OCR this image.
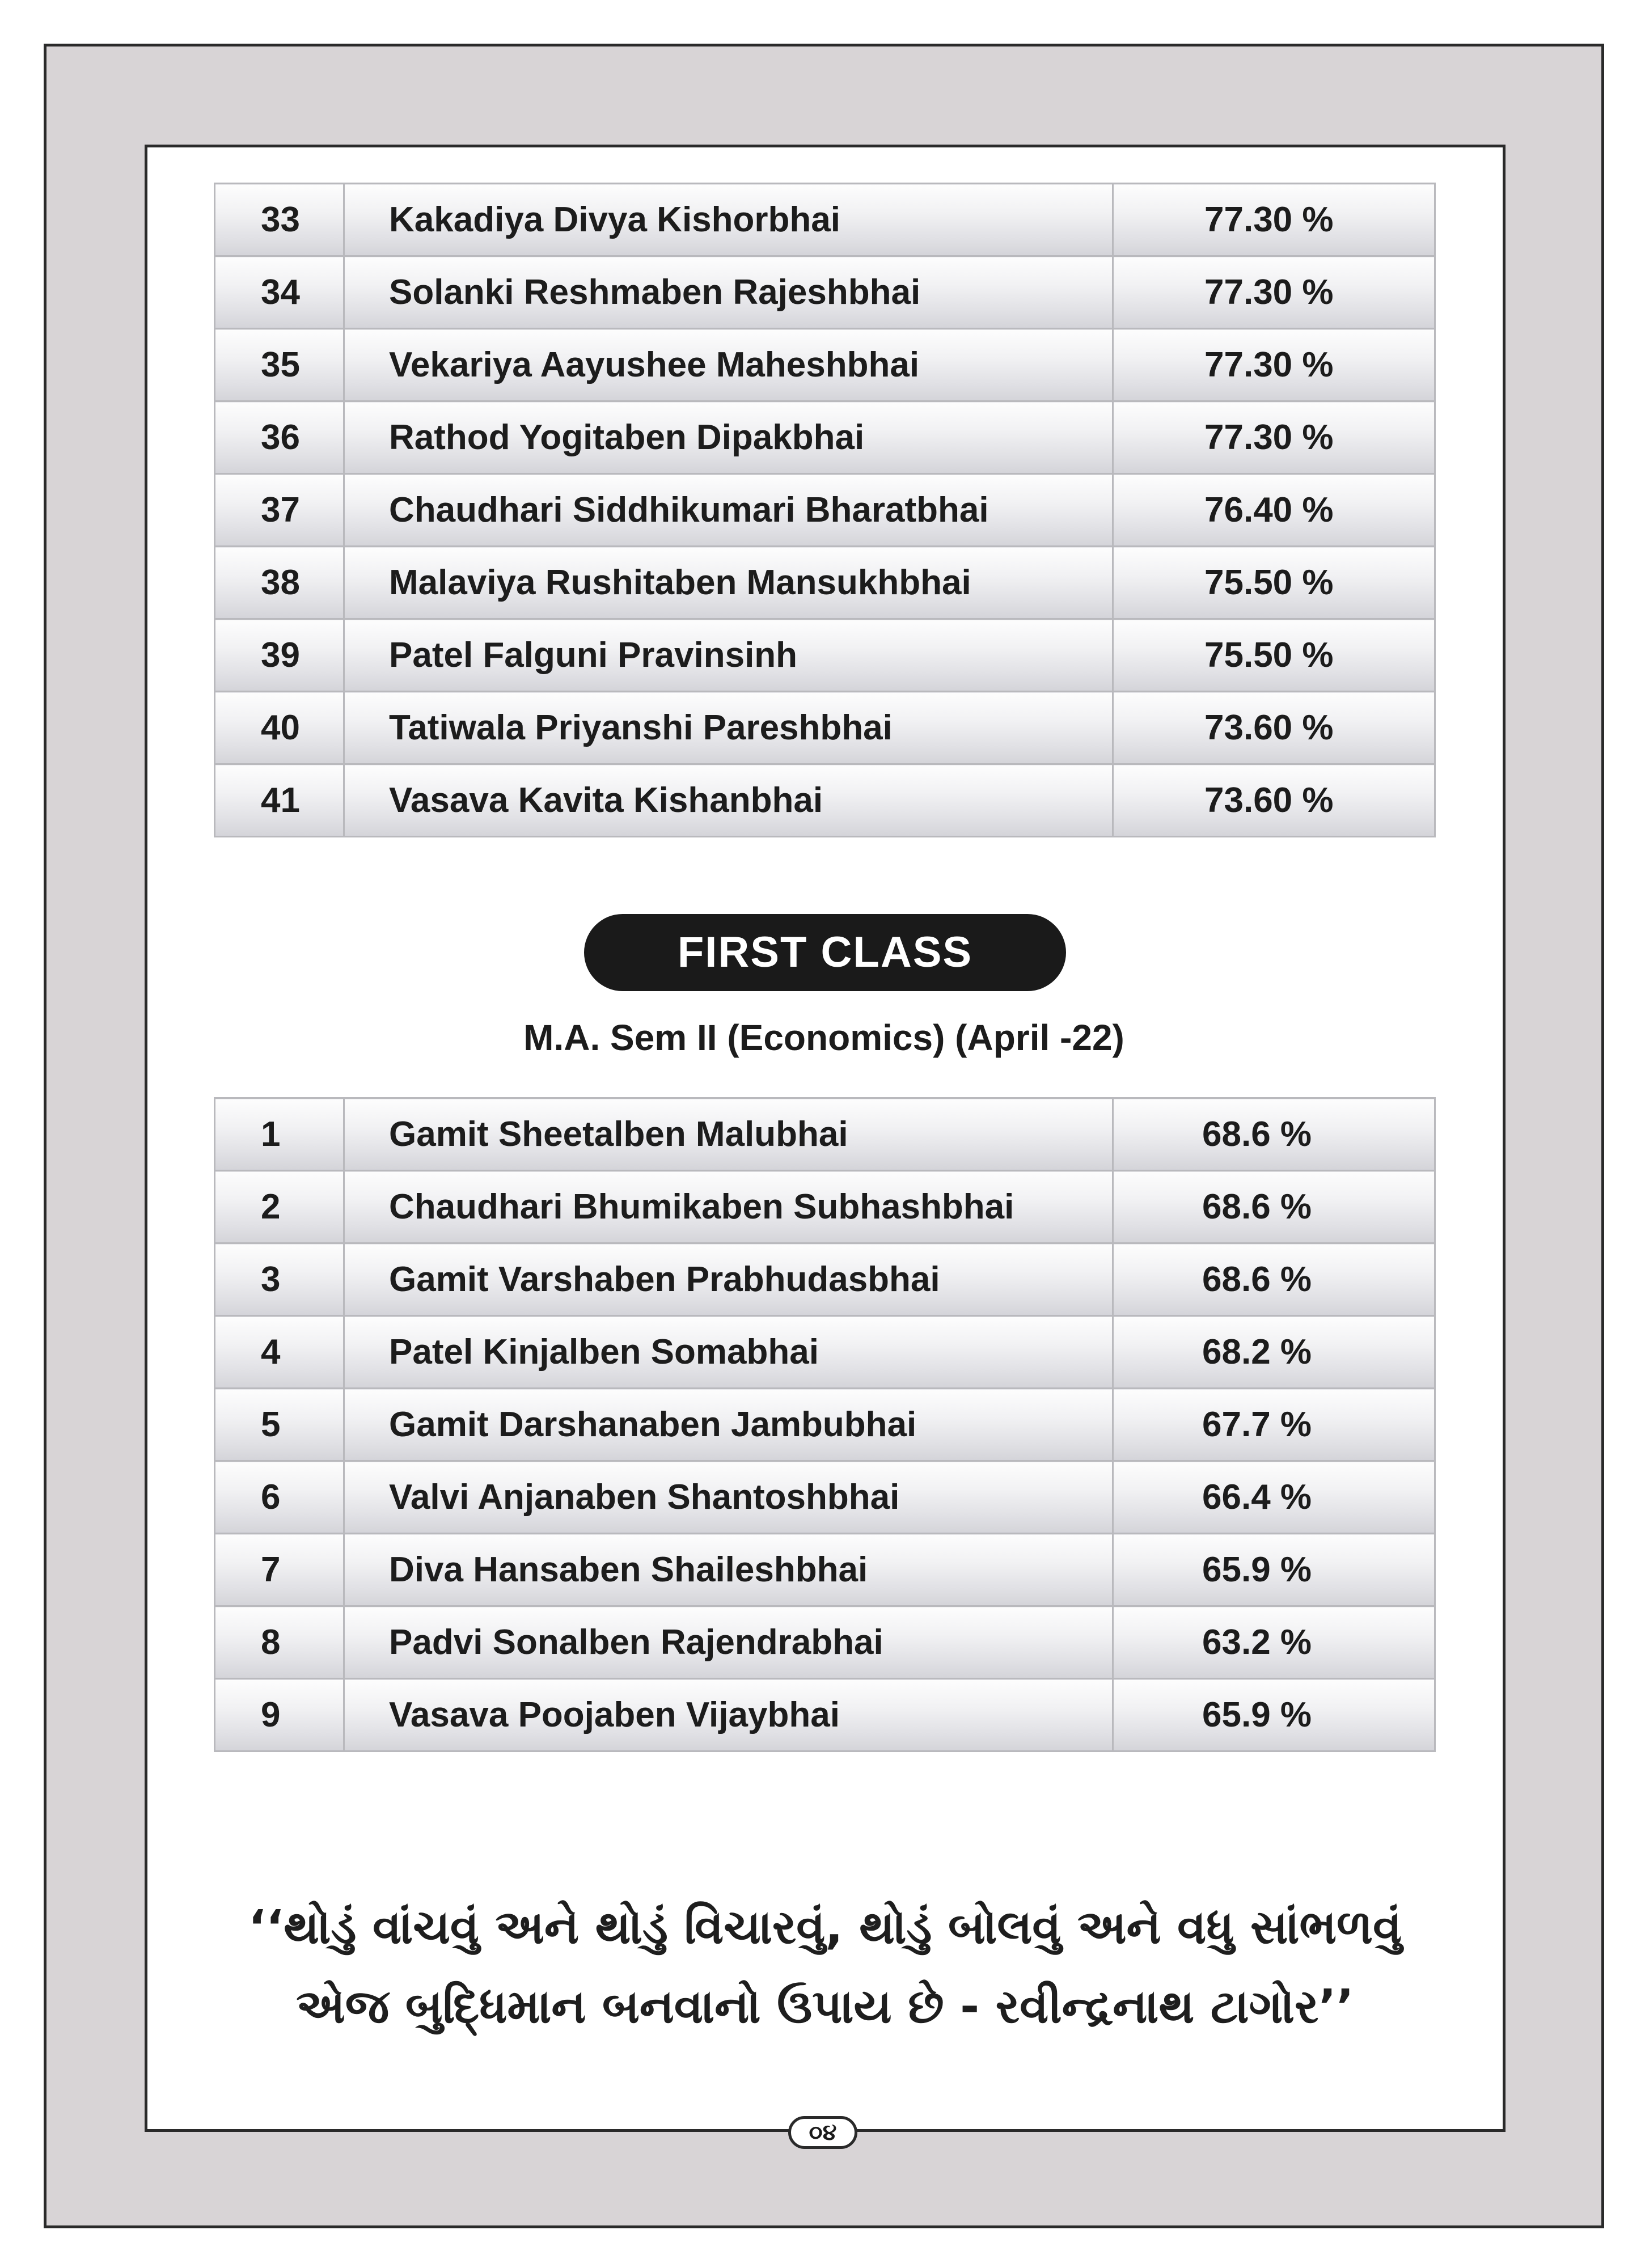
33	Kakadiya Divya Kishorbhai	77.30 %
34	Solanki Reshmaben Rajeshbhai	77.30 %
35	Vekariya Aayushee Maheshbhai	77.30 %
36	Rathod Yogitaben Dipakbhai	77.30 %
37	Chaudhari Siddhikumari Bharatbhai	76.40 %
38	Malaviya Rushitaben Mansukhbhai	75.50 %
39	Patel Falguni Pravinsinh	75.50 %
40	Tatiwala Priyanshi Pareshbhai	73.60 %
41	Vasava Kavita Kishanbhai	73.60 %
FIRST CLASS
M.A. Sem II (Economics) (April -22)
1	Gamit Sheetalben Malubhai	68.6 %
2	Chaudhari Bhumikaben Subhashbhai	68.6 %
3	Gamit Varshaben Prabhudasbhai	68.6 %
4	Patel Kinjalben Somabhai	68.2 %
5	Gamit Darshanaben Jambubhai	67.7 %
6	Valvi Anjanaben Shantoshbhai	66.4 %
7	Diva Hansaben Shaileshbhai	65.9 %
8	Padvi Sonalben Rajendrabhai	63.2 %
9	Vasava Poojaben Vijaybhai	65.9 %
‘‘થોડું વાંચવું અને થોડું વિચારવું, થોડું બોલવું અને વધુ સાંભળવું
એજ બુદ્ધિમાન બનવાનો ઉપાય છે - રવીન્દ્રનાથ ટાગોર’’
૦૪
